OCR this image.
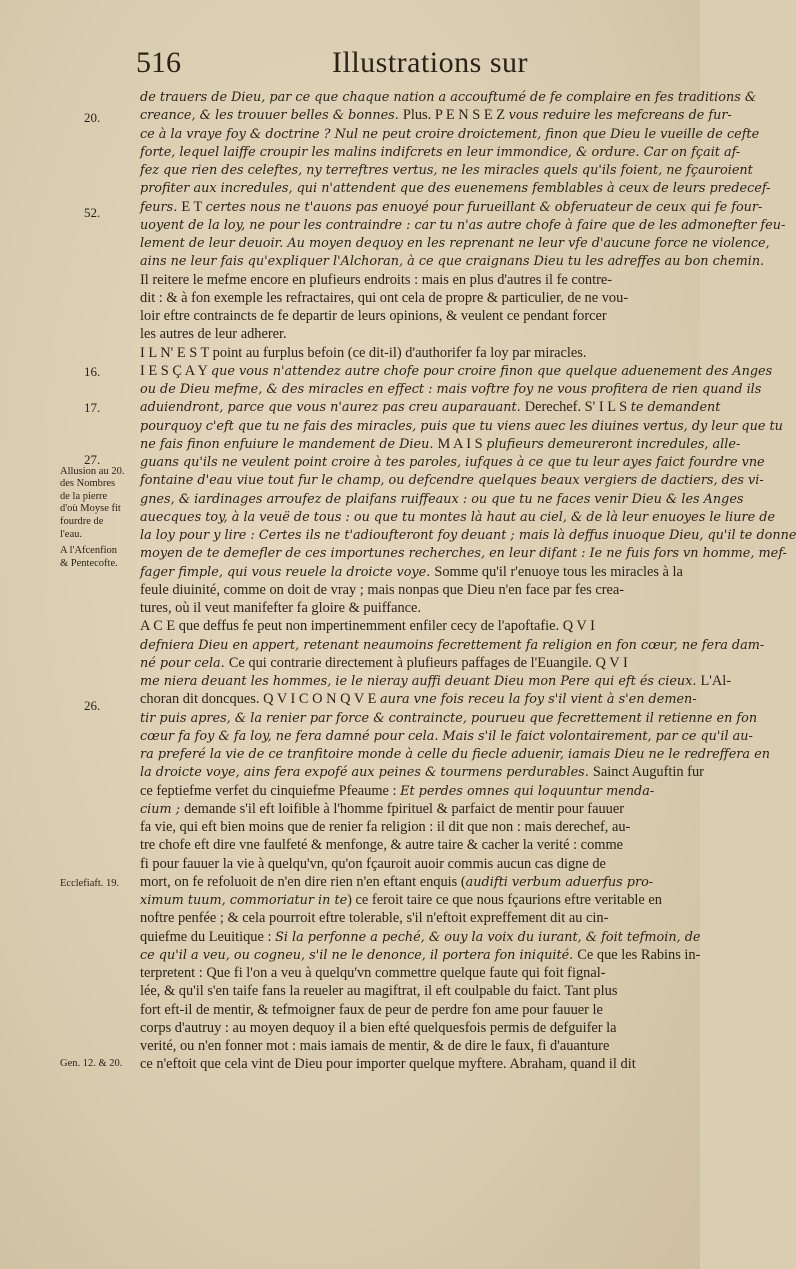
516	Illustrations sur
20.
52.
16.
17.
27.
Allusion au 20.
des Nombres
de la pierre
d'où Moyse fit
fourdre de
l'eau.
A l'Afcenfion
& Pentecofte.
26.
Ecclefiaft. 19.
Gen. 12. & 20.
de trauers de Dieu, par ce que chaque nation a accouftumé de fe complaire en fes traditions &
creance, & les trouuer belles & bonnes. Plus. P E N S E Z vous reduire les mefcreans de fur-
ce à la vraye foy & doctrine ? Nul ne peut croire droictement, finon que Dieu le vueille de cefte
forte, lequel laiffe croupir les malins indifcrets en leur immondice, & ordure. Car on fçait af-
fez que rien des celeftes, ny terreftres vertus, ne les miracles quels qu'ils foient, ne fçauroient
profiter aux incredules, qui n'attendent que des euenemens femblables à ceux de leurs predecef-
feurs. E T certes nous ne t'auons pas enuoyé pour furueillant & obferuateur de ceux qui fe four-
uoyent de la loy, ne pour les contraindre : car tu n'as autre chofe à faire que de les admonefter feu-
lement de leur deuoir. Au moyen dequoy en les reprenant ne leur vfe d'aucune force ne violence,
ains ne leur fais qu'expliquer l'Alchoran, à ce que craignans Dieu tu les adreffes au bon chemin.
Il reitere le mefme encore en plufieurs endroits : mais en plus d'autres il fe contre-
dit : & à fon exemple les refractaires, qui ont cela de propre & particulier, de ne vou-
loir eftre contraincts de fe departir de leurs opinions, & veulent ce pendant forcer
les autres de leur adherer.
I L N' E S T point au furplus befoin (ce dit-il) d'authorifer fa loy par miracles.
I E S Ç A Y que vous n'attendez autre chofe pour croire finon que quelque aduenement des Anges
ou de Dieu mefme, & des miracles en effect : mais voftre foy ne vous profitera de rien quand ils
aduiendront, parce que vous n'aurez pas creu auparauant. Derechef. S' I L S te demandent
pourquoy c'eft que tu ne fais des miracles, puis que tu viens auec les diuines vertus, dy leur que tu
ne fais finon enfuiure le mandement de Dieu. M A I S plufieurs demeureront incredules, alle-
guans qu'ils ne veulent point croire à tes paroles, iufques à ce que tu leur ayes faict fourdre vne
fontaine d'eau viue tout fur le champ, ou defcendre quelques beaux vergiers de dactiers, des vi-
gnes, & iardinages arroufez de plaifans ruiffeaux : ou que tu ne faces venir Dieu & les Anges
auecques toy, à la veuë de tous : ou que tu montes là haut au ciel, & de là leur enuoyes le liure de
la loy pour y lire : Certes ils ne t'adioufteront foy deuant ; mais là deffus inuoque Dieu, qu'il te donne
moyen de te demefler de ces importunes recherches, en leur difant : Ie ne fuis fors vn homme, mef-
fager fimple, qui vous reuele la droicte voye. Somme qu'il r'enuoye tous les miracles à la
feule diuinité, comme on doit de vray ; mais nonpas que Dieu n'en face par fes crea-
tures, où il veut manifefter fa gloire & puiffance.
A C E que deffus fe peut non impertinemment enfiler cecy de l'apoftafie. Q V I
defniera Dieu en appert, retenant neaumoins fecrettement fa religion en fon cœur, ne fera dam-
né pour cela. Ce qui contrarie directement à plufieurs paffages de l'Euangile. Q V I
me niera deuant les hommes, ie le nieray auffi deuant Dieu mon Pere qui eft és cieux. L'Al-
choran dit doncques. Q V I C O N Q V E aura vne fois receu la foy s'il vient à s'en demen-
tir puis apres, & la renier par force & contraincte, pourueu que fecrettement il retienne en fon
cœur fa foy & fa loy, ne fera damné pour cela. Mais s'il le faict volontairement, par ce qu'il au-
ra preferé la vie de ce tranfitoire monde à celle du fiecle aduenir, iamais Dieu ne le redreffera en
la droicte voye, ains fera expofé aux peines & tourmens perdurables. Sainct Auguftin fur
ce feptiefme verfet du cinquiefme Pfeaume : Et perdes omnes qui loquuntur menda-
cium ; demande s'il eft loifible à l'homme fpirituel & parfaict de mentir pour fauuer
fa vie, qui eft bien moins que de renier fa religion : il dit que non : mais derechef, au-
tre chofe eft dire vne faulfeté & menfonge, & autre taire & cacher la verité : comme
fi pour fauuer la vie à quelqu'vn, qu'on fçauroit auoir commis aucun cas digne de
mort, on fe refoluoit de n'en dire rien n'en eftant enquis (audifti verbum aduerfus pro-
ximum tuum, commoriatur in te) ce feroit taire ce que nous fçaurions eftre veritable en
noftre penfée ; & cela pourroit eftre tolerable, s'il n'eftoit expreffement dit au cin-
quiefme du Leuitique : Si la perfonne a peché, & ouy la voix du iurant, & foit tefmoin, de
ce qu'il a veu, ou cogneu, s'il ne le denonce, il portera fon iniquité. Ce que les Rabins in-
terpretent : Que fi l'on a veu à quelqu'vn commettre quelque faute qui foit fignal-
lée, & qu'il s'en taife fans la reueler au magiftrat, il eft coulpable du faict. Tant plus
fort eft-il de mentir, & tefmoigner faux de peur de perdre fon ame pour fauuer le
corps d'autruy : au moyen dequoy il a bien efté quelquesfois permis de defguifer la
verité, ou n'en fonner mot : mais iamais de mentir, & de dire le faux, fi d'auanture
ce n'eftoit que cela vint de Dieu pour importer quelque myftere. Abraham, quand il dit
